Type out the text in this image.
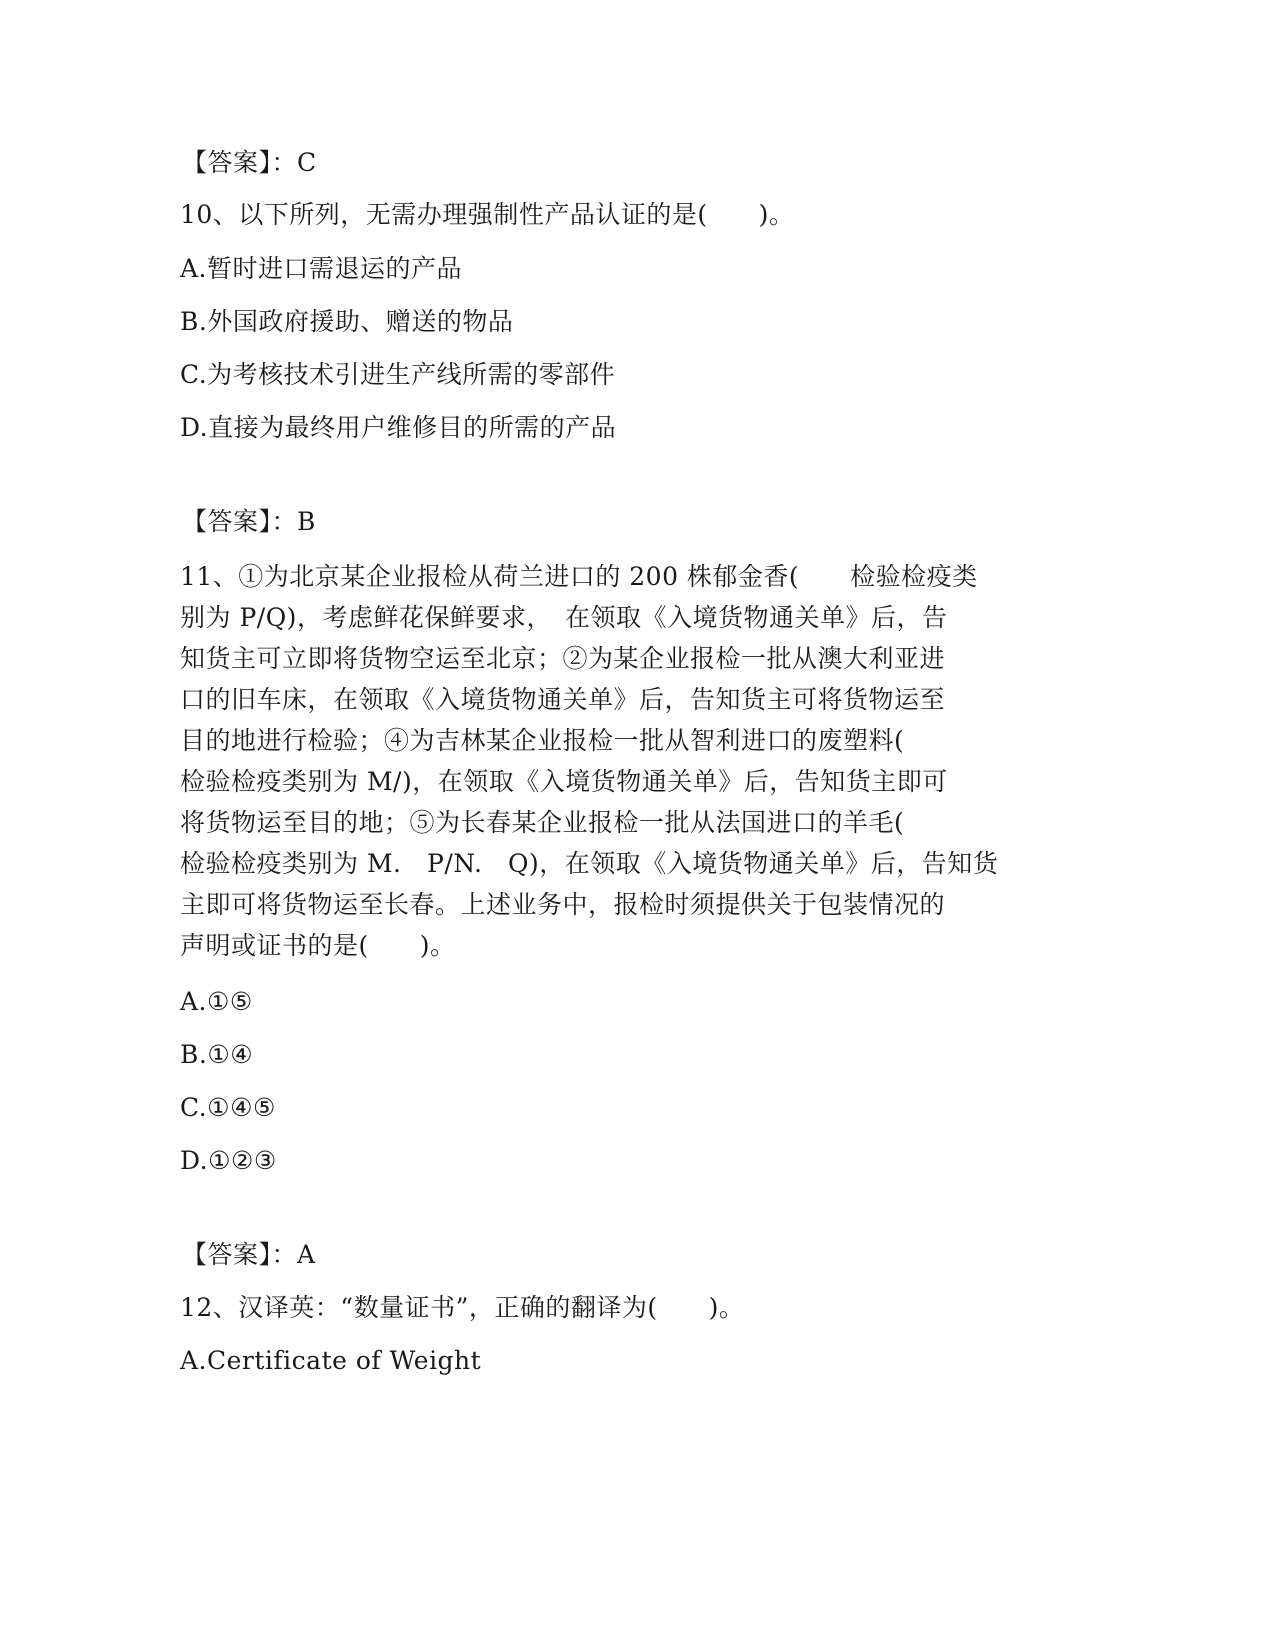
【答案】：C
10、以下所列，无需办理强制性产品认证的是(　　)。
A.暂时进口需退运的产品
B.外国政府援助、赠送的物品
C.为考核技术引进生产线所需的零部件
D.直接为最终用户维修目的所需的产品
【答案】：B
11、①为北京某企业报检从荷兰进口的 200 株郁金香(　　检验检疫类
别为 P/Q)，考虑鲜花保鲜要求，　在领取《入境货物通关单》后，告
知货主可立即将货物空运至北京；②为某企业报检一批从澳大利亚进
口的旧车床，在领取《入境货物通关单》后，告知货主可将货物运至
目的地进行检验；④为吉林某企业报检一批从智利进口的废塑料(
检验检疫类别为 M/)，在领取《入境货物通关单》后，告知货主即可
将货物运至目的地；⑤为长春某企业报检一批从法国进口的羊毛(
检验检疫类别为 M.　P/N.　Q)，在领取《入境货物通关单》后，告知货
主即可将货物运至长春。上述业务中，报检时须提供关于包装情况的
声明或证书的是(　　)。
A.①⑤
B.①④
C.①④⑤
D.①②③
【答案】：A
12、汉译英：“数量证书”，正确的翻译为(　　)。
A.Certificate of Weight
